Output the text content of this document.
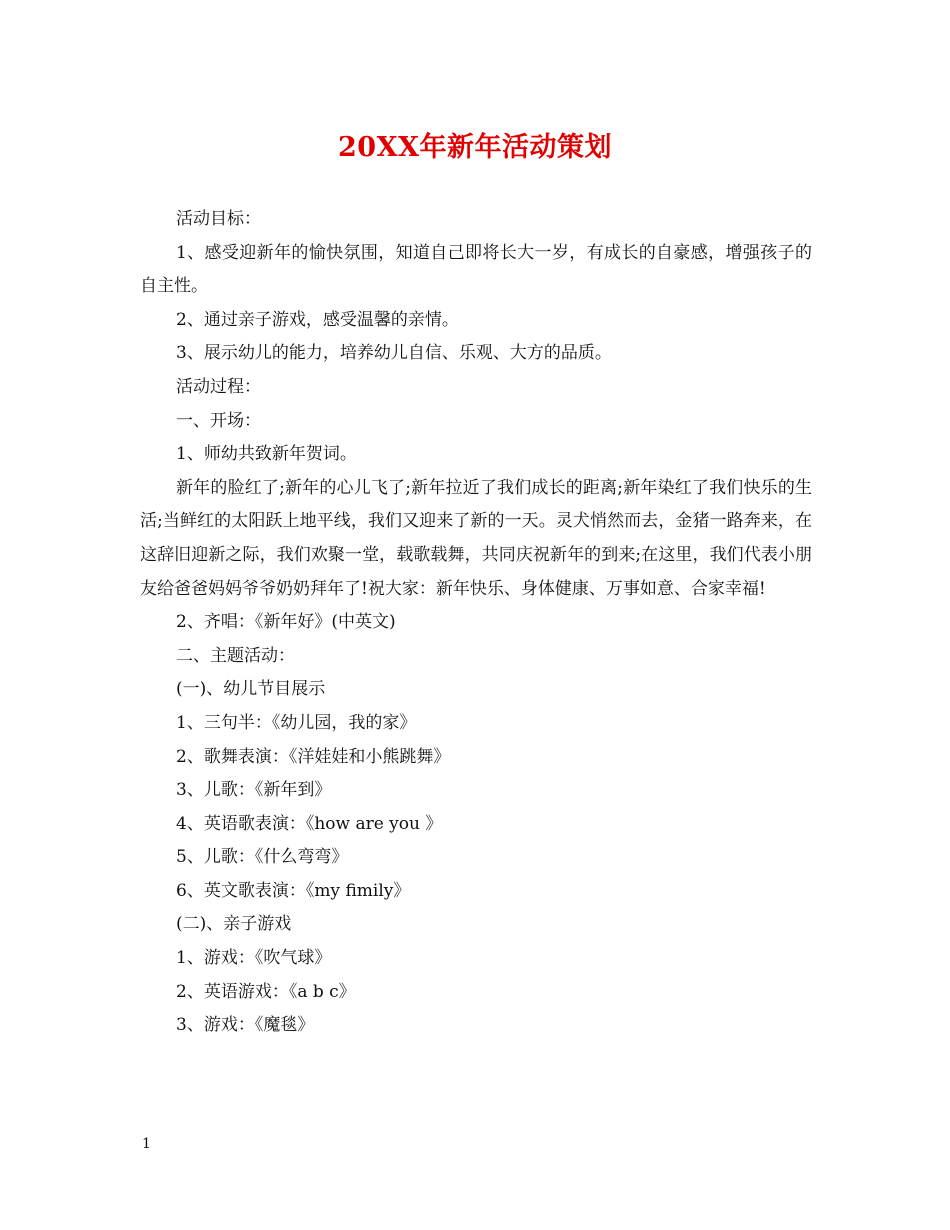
20XX年新年活动策划

活动目标：

1、感受迎新年的愉快氛围，知道自己即将长大一岁，有成长的自豪感，增强孩子的自主性。

2、通过亲子游戏，感受温馨的亲情。

3、展示幼儿的能力，培养幼儿自信、乐观、大方的品质。

活动过程：

一、开场：

1、师幼共致新年贺词。

新年的脸红了;新年的心儿飞了;新年拉近了我们成长的距离;新年染红了我们快乐的生活;当鲜红的太阳跃上地平线，我们又迎来了新的一天。灵犬悄然而去，金猪一路奔来，在这辞旧迎新之际，我们欢聚一堂，载歌载舞，共同庆祝新年的到来;在这里，我们代表小朋友给爸爸妈妈爷爷奶奶拜年了!祝大家：新年快乐、身体健康、万事如意、合家幸福!

2、齐唱：《新年好》(中英文)

二、主题活动：

(一)、幼儿节目展示

1、三句半：《幼儿园，我的家》

2、歌舞表演：《洋娃娃和小熊跳舞》

3、儿歌：《新年到》

4、英语歌表演：《how are you 》

5、儿歌：《什么弯弯》

6、英文歌表演：《my fimily》

(二)、亲子游戏

1、游戏：《吹气球》

2、英语游戏：《a b c》

3、游戏：《魔毯》

1
